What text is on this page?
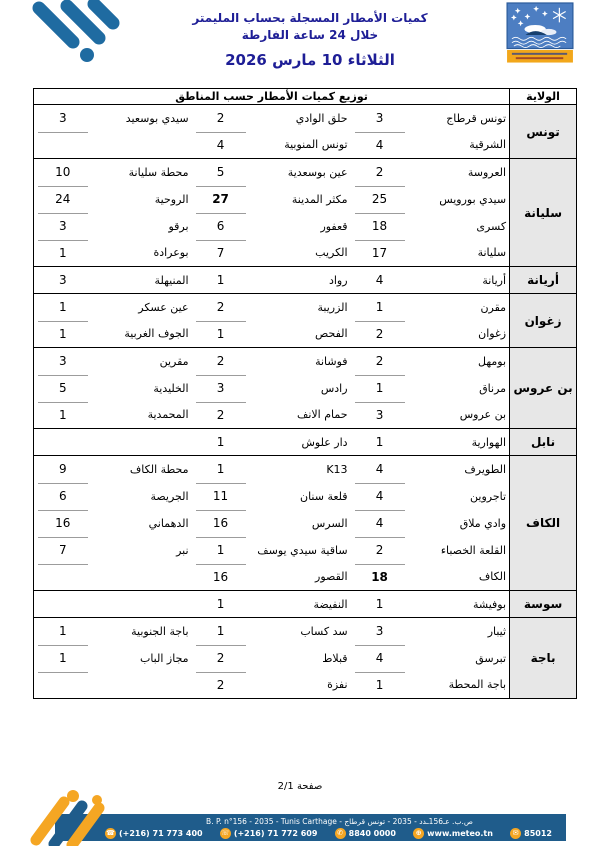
كميات الأمطار المسجلة بحساب المليمتر
خلال 24 ساعة الفارطة
الثلاثاء 10 مارس 2026
الولاية	توزيع كميات الأمطار حسب المناطق					
تونس	تونس قرطاج	3	حلق الوادي	2	سيدي بوسعيد	3
	الشرقية	4	تونس المنوبية	4		
سليانة	العروسة	2	عين بوسعدية	5	محطة سليانة	10
	سيدي بورويس	25	مكثر المدينة	27	الروحية	24
	كسرى	18	قعفور	6	برقو	3
	سليانة	17	الكريب	7	بوعرادة	1
أريانة	أريانة	4	رواد	1	المنيهلة	3
زغوان	مقرن	1	الزريبة	2	عين عسكر	1
	زغوان	2	الفحص	1	الجوف الغربية	1
بن عروس	بومهل	2	فوشانة	2	مقرين	3
	مرناق	1	رادس	3	الخليدية	5
	بن عروس	3	حمام الانف	2	المحمدية	1
نابل	الهوارية	1	دار علوش	1		
الكاف	الطويرف	4	K13	1	محطة الكاف	9
	تاجروين	4	قلعة سنان	11	الجريصة	6
	وادي ملاق	4	السرس	16	الدهماني	16
	القلعة الخصباء	2	ساقية سيدي يوسف	1	نبر	7
	الكاف	18	القصور	16		
سوسة	بوفيشة	1	النفيضة	1		
باجة	ثيبار	3	سد كساب	1	باجة الجنوبية	1
	تبرسق	4	قبلاط	2	مجاز الباب	1
	باجة المحطة	1	نفزة	2		
صفحة 2/1
B. P. n°156 - 2035 - Tunis Carthage - ص.ب. عـ156ـدد - 2035 - تونس قرطاج
☎ (+216) 71 773 400	☏ (+216) 71 772 609	✆ 8840 0000	⊕ www.meteo.tn	✉ 85012
